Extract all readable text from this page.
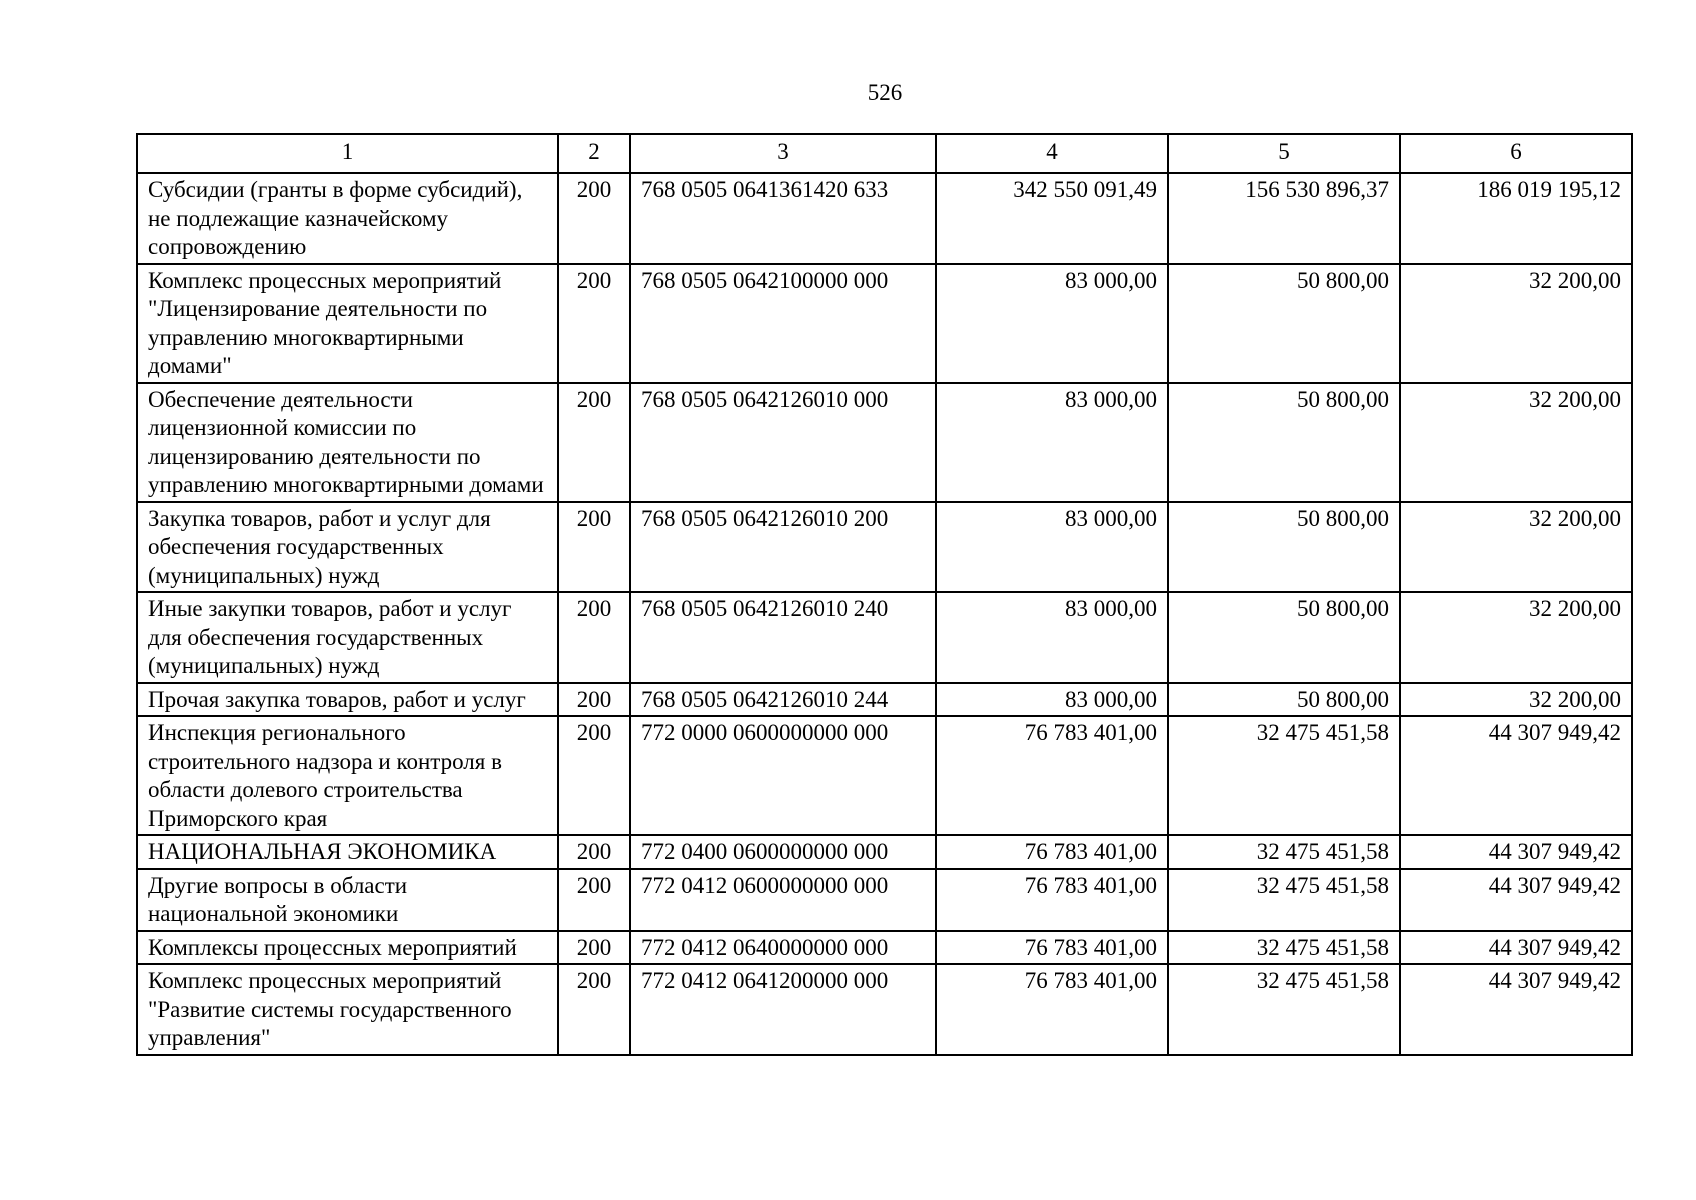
526
1	2	3	4	5	6
Субсидии (гранты в форме субсидий), не подлежащие казначейскому сопровождению	200	768 0505 0641361420 633	342 550 091,49	156 530 896,37	186 019 195,12
Комплекс процессных мероприятий "Лицензирование деятельности по управлению многоквартирными домами"	200	768 0505 0642100000 000	83 000,00	50 800,00	32 200,00
Обеспечение деятельности лицензионной комиссии по лицензированию деятельности по управлению многоквартирными домами	200	768 0505 0642126010 000	83 000,00	50 800,00	32 200,00
Закупка товаров, работ и услуг для обеспечения государственных (муниципальных) нужд	200	768 0505 0642126010 200	83 000,00	50 800,00	32 200,00
Иные закупки товаров, работ и услуг для обеспечения государственных (муниципальных) нужд	200	768 0505 0642126010 240	83 000,00	50 800,00	32 200,00
Прочая закупка товаров, работ и услуг	200	768 0505 0642126010 244	83 000,00	50 800,00	32 200,00
Инспекция регионального строительного надзора и контроля в области долевого строительства Приморского края	200	772 0000 0600000000 000	76 783 401,00	32 475 451,58	44 307 949,42
НАЦИОНАЛЬНАЯ ЭКОНОМИКА	200	772 0400 0600000000 000	76 783 401,00	32 475 451,58	44 307 949,42
Другие вопросы в области национальной экономики	200	772 0412 0600000000 000	76 783 401,00	32 475 451,58	44 307 949,42
Комплексы процессных мероприятий	200	772 0412 0640000000 000	76 783 401,00	32 475 451,58	44 307 949,42
Комплекс процессных мероприятий "Развитие системы государственного управления"	200	772 0412 0641200000 000	76 783 401,00	32 475 451,58	44 307 949,42
